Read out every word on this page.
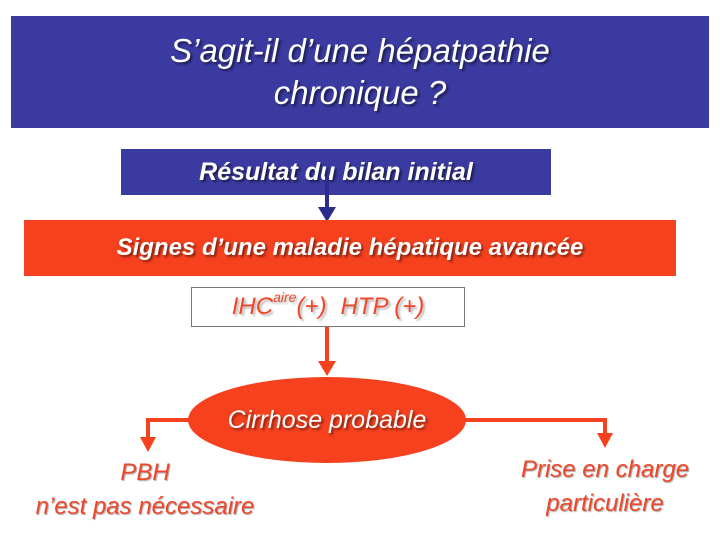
S’agit-il d’une hépatpathie
chronique ?
Résultat du bilan initial
Signes d’une maladie hépatique avancée
IHC aire (+) HTP (+)
Cirrhose probable
PBH
n’est pas nécessaire
Prise en charge
particulière
